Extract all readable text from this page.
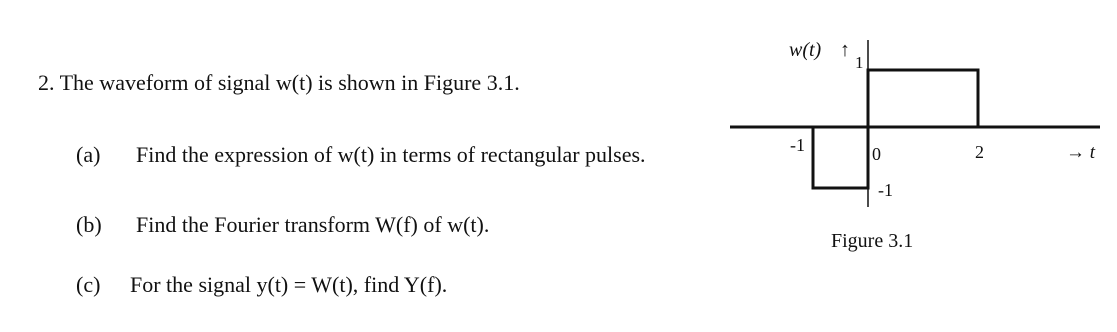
2. The waveform of signal w(t) is shown in Figure 3.1.
(a) Find the expression of w(t) in terms of rectangular pulses.
(b) Find the Fourier transform W(f) of w(t).
(c) For the signal y(t) = W(t), find Y(f).
w(t) ↑
1
-1	0	2
-1
→ t
Figure 3.1
